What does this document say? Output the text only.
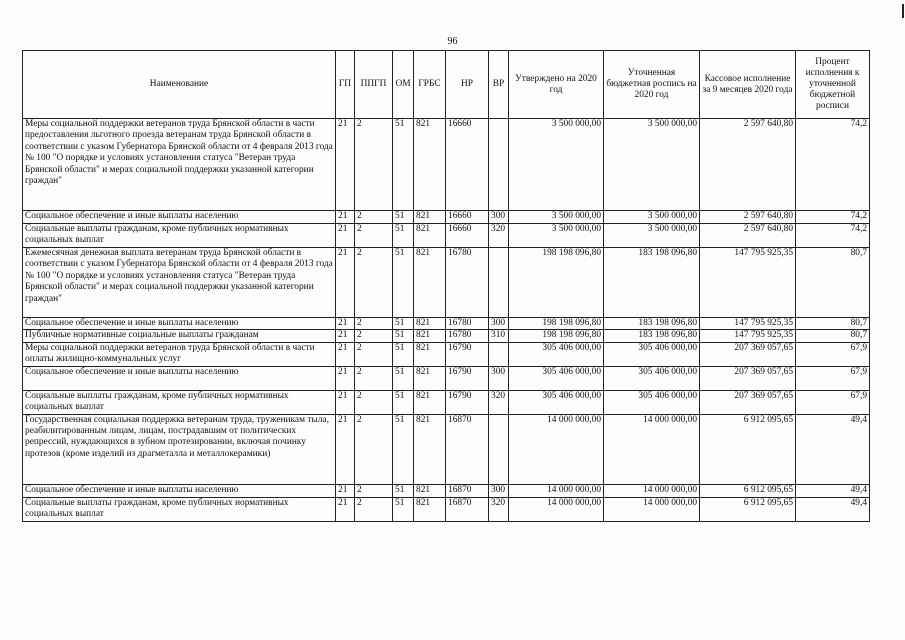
96
Наименование	ГП	ППГП	ОМ	ГРБС	НР	ВР	Утверждено на 2020 год	Уточненная бюджетная роспись на 2020 год	Кассовое исполнение за 9 месяцев 2020 года	Процент исполнения к уточненной бюджетной росписи
Меры социальной поддержки ветеранов труда Брянской области в части предоставления льготного проезда ветеранам труда Брянской области в соответствии с указом Губернатора Брянской области от 4 февраля 2013 года № 100 "О порядке и условиях установления статуса "Ветеран труда Брянской области" и мерах социальной поддержки указанной категории граждан"	21	2	51	821	16660		3 500 000,00	3 500 000,00	2 597 640,80	74,2
Социальное обеспечение и иные выплаты населению	21	2	51	821	16660	300	3 500 000,00	3 500 000,00	2 597 640,80	74,2
Социальные выплаты гражданам, кроме публичных нормативных социальных выплат	21	2	51	821	16660	320	3 500 000,00	3 500 000,00	2 597 640,80	74,2
Ежемесячная денежная выплата ветеранам труда Брянской области в соответствии с указом Губернатора Брянской области от 4 февраля 2013 года № 100 "О порядке и условиях установления статуса "Ветеран труда Брянской области" и мерах социальной поддержки указанной категории граждан"	21	2	51	821	16780		198 198 096,80	183 198 096,80	147 795 925,35	80,7
Социальное обеспечение и иные выплаты населению	21	2	51	821	16780	300	198 198 096,80	183 198 096,80	147 795 925,35	80,7
Публичные нормативные социальные выплаты гражданам	21	2	51	821	16780	310	198 198 096,80	183 198 096,80	147 795 925,35	80,7
Меры социальной поддержки ветеранов труда Брянской области в части оплаты жилищно-коммунальных услуг	21	2	51	821	16790		305 406 000,00	305 406 000,00	207 369 057,65	67,9
Социальное обеспечение и иные выплаты населению	21	2	51	821	16790	300	305 406 000,00	305 406 000,00	207 369 057,65	67,9
Социальные выплаты гражданам, кроме публичных нормативных социальных выплат	21	2	51	821	16790	320	305 406 000,00	305 406 000,00	207 369 057,65	67,9
Государственная социальная поддержка ветеранам труда, труженикам тыла, реабилитированным лицам, лицам, пострадавшим от политических репрессий, нуждающихся в зубном протезировании, включая починку протезов (кроме изделий из драгметалла и металлокерамики)	21	2	51	821	16870		14 000 000,00	14 000 000,00	6 912 095,65	49,4
Социальное обеспечение и иные выплаты населению	21	2	51	821	16870	300	14 000 000,00	14 000 000,00	6 912 095,65	49,4
Социальные выплаты гражданам, кроме публичных нормативных социальных выплат	21	2	51	821	16870	320	14 000 000,00	14 000 000,00	6 912 095,65	49,4
